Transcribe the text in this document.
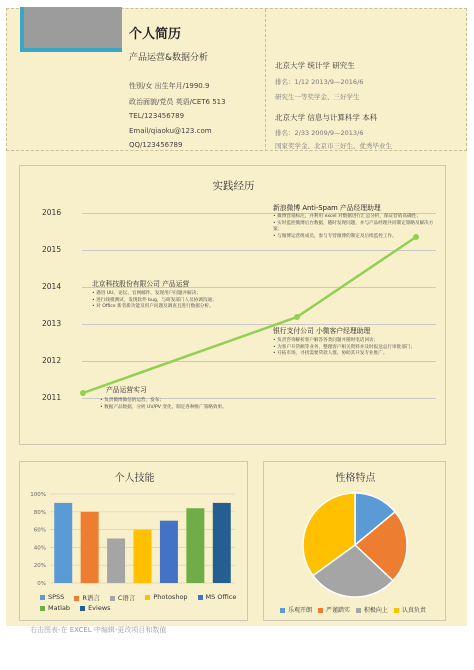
个人简历
产品运营&数据分析
性别/女 出生年月/1990.9
政治面貌/党员 英语/CET6 513
TEL/123456789
Email/qiaoku@123.com
QQ/123456789
北京大学 统计学 研究生
排名：1/12 2013/9—2016/6
研究生一等奖学金、三好学生
北京大学 信息与计算科学 本科
排名：2/33 2009/9—2013/6
国家奖学金、北京市三好生、优秀毕业生
实践经历
2016
2015
2014
2013
2012
2011
新浪微博 Anti-Spam 产品经理助理
• 微博营销标注，并利用 excel 对数据进行汇总分析，保证营销高确性；
• 实时监控微博后台数据，随时发现问题，并与产品经理共同制定策略及解决方案；
• 与微博运营组成员，参与专营微博的制定及后续监控工作。
北京科技股份有限公司 产品运营
• 遇进 UU、论坛、官网邮件、发现用户问题并解决；
• 进行线模测试，发现软件 bug，与研发部门人员协调沟通；
• 对 Office 新者新功能及用户问题及调查且进行数据分析。
银行支付公司 小微客户经理助理
• 负责咨询解析客户解答各类问题并随时电话回访；
• 为客户开贷额等业务，整理客户相关资料并及时报送总行审批部门；
• 开拓市场，寻找需要贷款人群，协助其开发专业推广。
产品运营实习
• 负责微博微信的运营，发布；
• 数据产品数据，分析 UV/PV 变化，制定各种推广策略效果。
个人技能
0%
20%
40%
60%
80%
100%
SPSS	R语言	C语言	Photoshop	MS Office
Matlab	Eviews
性格特点
乐观开朗 严谨踏实 积极向上 认真负责
右击图表-在 EXCEL 中编辑-更改项目和数值
